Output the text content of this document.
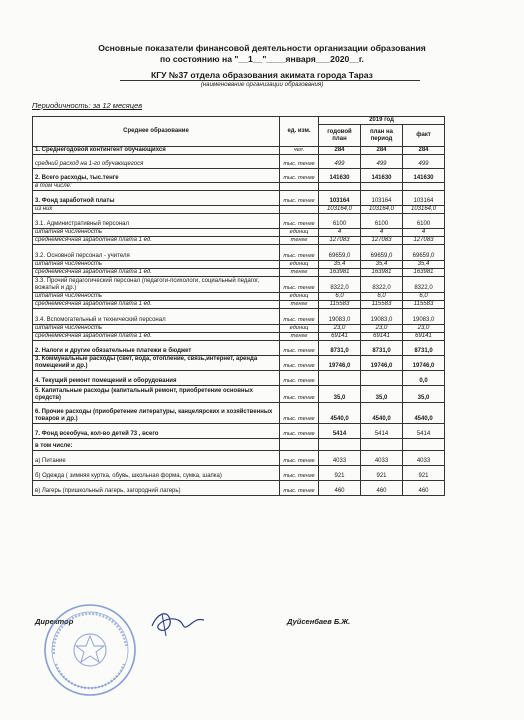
Основные показатели финансовой деятельности организации образования
по состоянию на "__1__"____января___2020__г.
КГУ №37 отдела образования акимата города Тараз
(наименование организации образования)
Периодичность: за 12 месяцев
Среднее образование	ед. изм.	2019 год		
		годовой план	план на период	факт
1. Среднегодовой контингент обучающихся	чел.	284	284	284
средний расход на 1-го обучающегося	тыс. тенге	499	499	499
2. Всего расходы, тыс.тенге	тыс. тенге	141630	141630	141630
в том числе:				
3. Фонд заработной платы	тыс. тенге	103164	103164	103164
из них		103164,0	103164,0	103164,0
3.1. Административный персонал	тыс. тенге	6100	6100	6100
штатная численность	единиц	4	4	4
среднемесячная заработная плата 1 ед.	тенге	127083	127083	127083
3.2. Основной персонал - учителя	тыс. тенге	69659,0	69659,0	69659,0
штатная численность	единиц	35,4	35,4	35,4
среднемесячная заработная плата 1 ед.	тенге	163981	163981	163981
3.3. Прочий педагогический персонал (педагоги-психологи, социальный педагог, вожатый и др.)	тыс. тенге	8322,0	8322,0	8322,0
штатная численность	единиц	6,0	6,0	6,0
среднемесячная заработная плата 1 ед.	тенге	115583	115583	115583
3.4. Вспомогательный и технический персонал	тыс. тенге	19083,0	19083,0	19083,0
штатная численность	единиц	23,0	23,0	23,0
среднемесячная заработная плата 1 ед.	тенге	69141	69141	69141
2. Налоги и другие обязательные платежи в бюджет	тыс. тенге	8731,0	8731,0	8731,0
3. Коммунальные расходы (свет, вода, отопление, связь,интернет, аренда помещений и др.)	тыс. тенге	19746,0	19746,0	19746,0
4. Текущий ремонт помещений и оборудования	тыс. тенге			0,0
5. Капитальные расходы (капитальный ремонт, приобретение основных средств)	тыс. тенге	35,0	35,0	35,0
6. Прочие расходы (приобретение литературы, канцелярских и хозяйственных товаров и др.)	тыс. тенге	4540,0	4540,0	4540,0
7. Фонд всеобуча, кол-во детей 73 , всего	тыс. тенге	5414	5414	5414
в том числе:				
а) Питание	тыс. тенге	4033	4033	4033
б) Одежда ( зимняя куртка, обувь, школьная форма, сумка, шапка)	тыс. тенге	921	921	921
в) Лагерь (пришкольный лагерь, загородний лагерь)	тыс. тенге	460	460	460
Директор	Дуйсенбаев Б.Ж.
